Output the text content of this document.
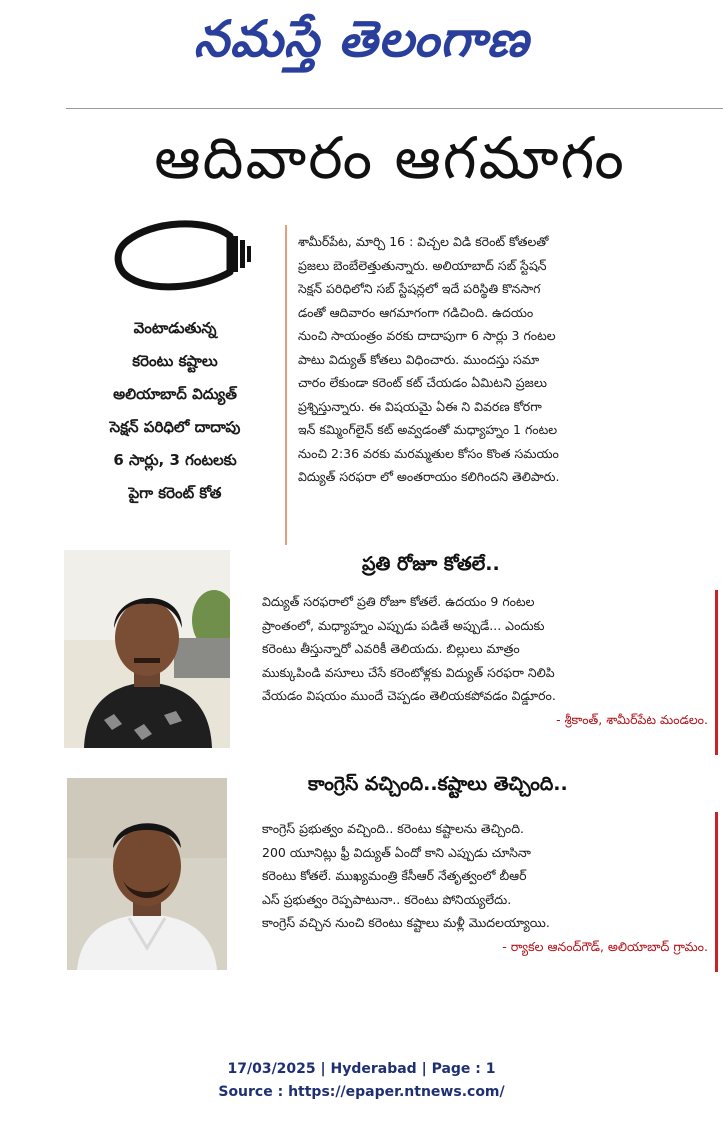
నమస్తే తెలంగాణ
ఆదివారం ఆగమాగం
వెంటాడుతున్న
కరెంటు కష్టాలు
అలియాబాద్ విద్యుత్
సెక్షన్ పరిధిలో దాదాపు
6 సార్లు, 3 గంటలకు
పైగా కరెంట్ కోత
శామీర్‌పేట, మార్చి 16 : విచ్చల విడి కరెంట్ కోతలతో
ప్రజలు బెంబేలెత్తుతున్నారు. అలియాబాద్ సబ్ స్టేషన్
సెక్షన్ పరిధిలోని సబ్ స్టేషన్లలో ఇదే పరిస్థితి కొనసాగ
డంతో ఆదివారం ఆగమాగంగా గడిచింది. ఉదయం
నుంచి సాయంత్రం వరకు దాదాపుగా 6 సార్లు 3 గంటల
పాటు విద్యుత్ కోతలు విధించారు. ముందస్తు సమా
చారం లేకుండా కరెంట్ కట్ చేయడం ఏమిటని ప్రజలు
ప్రశ్నిస్తున్నారు. ఈ విషయమై ఏఈ ని వివరణ కోరగా
ఇన్ కమ్మింగ్‌లైన్ కట్ అవ్వడంతో మధ్యాహ్నం 1 గంటల
నుంచి 2:36 వరకు మరమ్మతుల కోసం కొంత సమయం
విద్యుత్ సరఫరా లో అంతరాయం కలిగిందని తెలిపారు.
ప్రతి రోజూ కోతలే..
విద్యుత్ సరఫరాలో ప్రతి రోజూ కోతలే. ఉదయం 9 గంటల
ప్రాంతంలో, మధ్యాహ్నం ఎప్పుడు పడితే అప్పుడే... ఎందుకు
కరెంటు తీస్తున్నారో ఎవరికీ తెలియదు. బిల్లులు మాత్రం
ముక్కుపిండి వసూలు చేసే కరెంటోళ్లకు విద్యుత్ సరఫరా నిలిపి
వేయడం విషయం ముందే చెప్పడం తెలియకపోవడం విడ్డూరం.
- శ్రీకాంత్, శామీర్‌పేట మండలం.
కాంగ్రెస్ వచ్చింది..కష్టాలు తెచ్చింది..
కాంగ్రెస్ ప్రభుత్వం వచ్చింది.. కరెంటు కష్టాలను తెచ్చింది.
200 యూనిట్లు ఫ్రీ విద్యుత్ ఏందో కాని ఎప్పుడు చూసినా
కరెంటు కోతలే. ముఖ్యమంత్రి కేసీఆర్ నేతృత్వంలో బీఆర్
ఎస్ ప్రభుత్వం రెప్పపాటునా.. కరెంటు పోనియ్యలేదు.
కాంగ్రెస్ వచ్చిన నుంచి కరెంటు కష్టాలు మళ్లీ మొదలయ్యాయి.
- ర్యాకల ఆనంద్‌గౌడ్, అలియాబాద్ గ్రామం.
17/03/2025 | Hyderabad | Page : 1
Source : https://epaper.ntnews.com/
